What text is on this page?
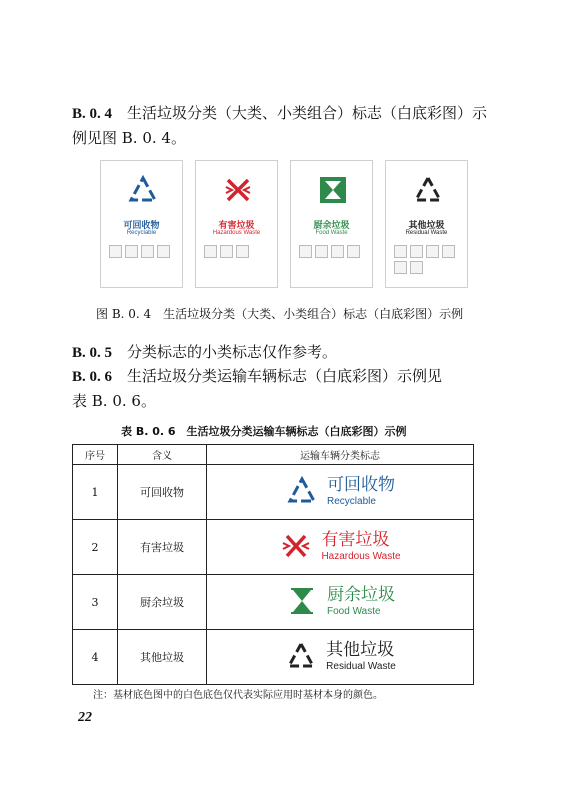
B. 0. 4　 生活垃圾分类（大类、小类组合）标志（白底彩图）示
例见图 B. 0. 4。
可回收物
Recyclable
有害垃圾
Hazardous Waste
厨余垃圾
Food Waste
其他垃圾
Residual Waste
图 B. 0. 4　生活垃圾分类（大类、小类组合）标志（白底彩图）示例
B. 0. 5　 分类标志的小类标志仅作参考。
B. 0. 6　 生活垃圾分类运输车辆标志（白底彩图）示例见
表 B. 0. 6。
表 B. 0. 6　生活垃圾分类运输车辆标志（白底彩图）示例
序号	含义	运输车辆分类标志
1	可回收物	可回收物
Recyclable

2	有害垃圾	有害垃圾
Hazardous Waste

3	厨余垃圾	厨余垃圾
Food Waste

4	其他垃圾	其他垃圾
Residual Waste
注：基材底色图中的白色底色仅代表实际应用时基材本身的颜色。
22
